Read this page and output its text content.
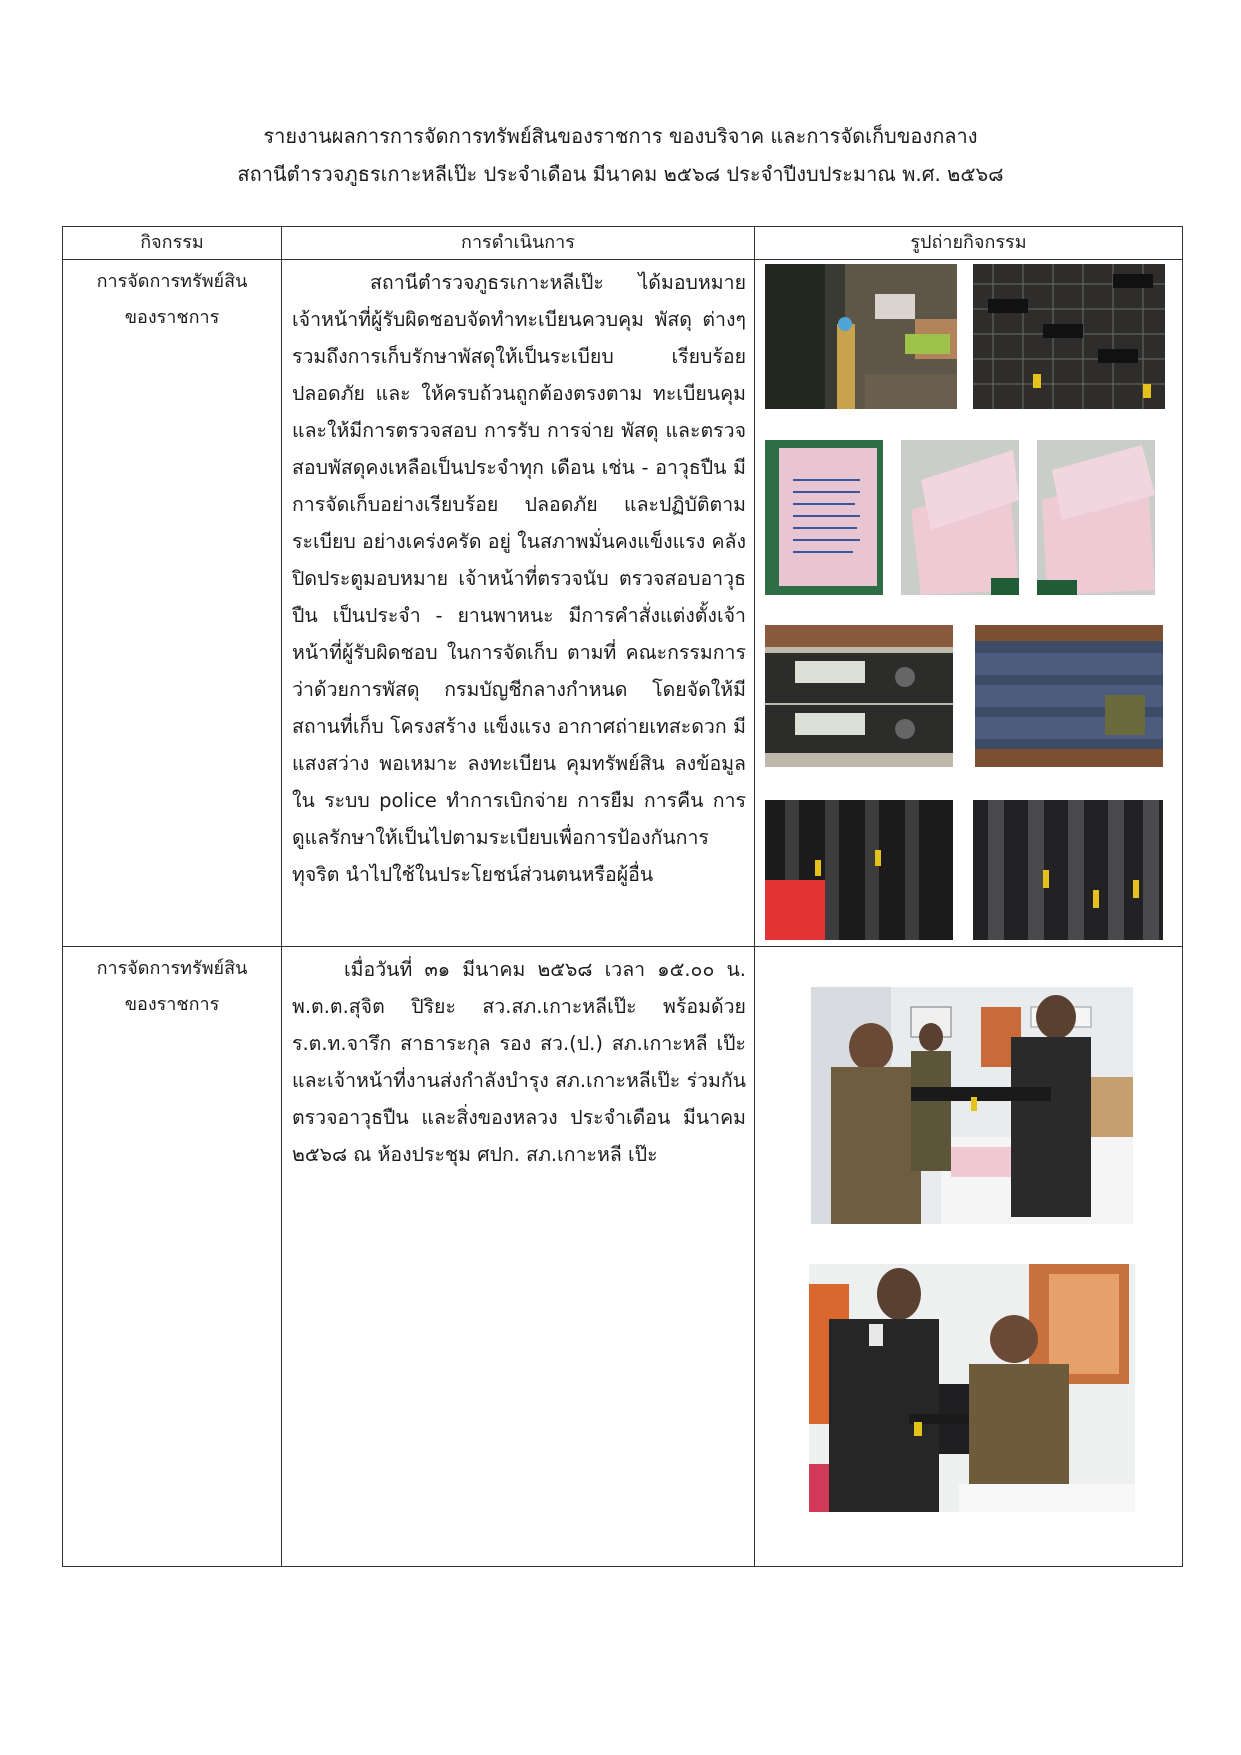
รายงานผลการการจัดการทรัพย์สินของราชการ ของบริจาค และการจัดเก็บของกลาง
สถานีตำรวจภูธรเกาะหลีเป๊ะ ประจำเดือน มีนาคม ๒๕๖๘ ประจำปีงบประมาณ พ.ศ. ๒๕๖๘
กิจกรรม	การดำเนินการ	รูปถ่ายกิจกรรม

การจัดการทรัพย์สิน
ของราชการ	สถานีตำรวจภูธรเกาะหลีเป๊ะ ได้มอบหมาย เจ้าหน้าที่ผู้รับผิดชอบจัดทำทะเบียนควบคุม พัสดุ ต่างๆ รวมถึงการเก็บรักษาพัสดุให้เป็นระเบียบ เรียบร้อย ปลอดภัย และ ให้ครบถ้วนถูกต้องตรงตาม ทะเบียนคุม และให้มีการตรวจสอบ การรับ การจ่าย พัสดุ และตรวจสอบพัสดุคงเหลือเป็นประจำทุก เดือน เช่น - อาวุธปืน มีการจัดเก็บอย่างเรียบร้อย ปลอดภัย และปฏิบัติตามระเบียบ อย่างเคร่งครัด อยู่ ในสภาพมั่นคงแข็งแรง คลังปิดประตูมอบหมาย เจ้าหน้าที่ตรวจนับ ตรวจสอบอาวุธปืน เป็นประจำ - ยานพาหนะ มีการคำสั่งแต่งตั้งเจ้าหน้าที่ผู้รับผิดชอบ ในการจัดเก็บ ตามที่ คณะกรรมการว่าด้วยการพัสดุ กรมบัญชีกลางกำหนด โดยจัดให้มีสถานที่เก็บ โครงสร้าง แข็งแรง อากาศถ่ายเทสะดวก มีแสงสว่าง พอเหมาะ ลงทะเบียน คุมทรัพย์สิน ลงข้อมูลใน ระบบ police ทำการเบิกจ่าย การยืม การคืน การ ดูแลรักษาให้เป็นไปตามระเบียบเพื่อการป้องกันการ ทุจริต นำไปใช้ในประโยชน์ส่วนตนหรือผู้อื่น	

การจัดการทรัพย์สิน
ของราชการ	เมื่อวันที่ ๓๑ มีนาคม ๒๕๖๘ เวลา ๑๕.๐๐ น. พ.ต.ต.สุจิต ปิริยะ สว.สภ.เกาะหลีเป๊ะ พร้อมด้วย ร.ต.ท.จารึก สาธาระกุล รอง สว.(ป.) สภ.เกาะหลี เป๊ะ และเจ้าหน้าที่งานส่งกำลังบำรุง สภ.เกาะหลีเป๊ะ ร่วมกันตรวจอาวุธปืน และสิ่งของหลวง ประจำเดือน มีนาคม ๒๕๖๘ ณ ห้องประชุม ศปก. สภ.เกาะหลี เป๊ะ	
